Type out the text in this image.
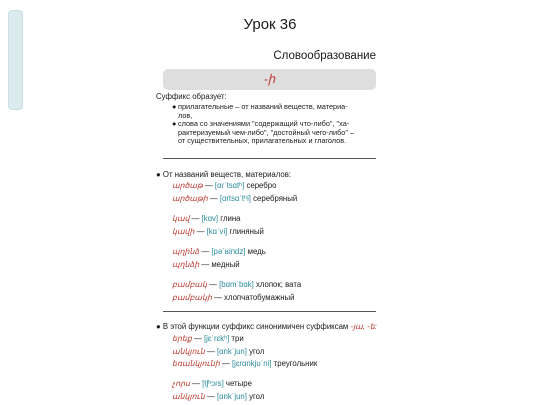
Урок 36
Словообразование
-ի
Суффикс образует:
● прилагательные – от названий веществ, материа-
лов,
● слова со значениями "содержащий что-либо", "ха-
рактеризуемый чем-либо", "достойный чего-либо" –
от существительных, прилагательных и глаголов.
● От названий веществ, материалов:
արծաթ — [ɑrˈtsɑtʰ] серебро
արծաթի — [ɑrtsɑˈtʰi] серебряный
կավ — [kɑv] глина
կավի — [kɑˈvi] глиняный
պղինձ — [pəˈʁindz] медь
պղնձի — медный
բամբակ — [bɑmˈbɑk] хлопок; вата
բամբակի — хлопчатобумажный
● В этой функции суффикс синонимичен суффиксам -յա, -ե:
երեք — [jɛˈrɛkʰ] три
անկյուն — [ɑnkˈjun] угол
եռանկյունի — [jɛrɑnkjuˈni] треугольник
չորս — [tʃʰɔrs] четыре
անկյուն — [ɑnkˈjun] угол
